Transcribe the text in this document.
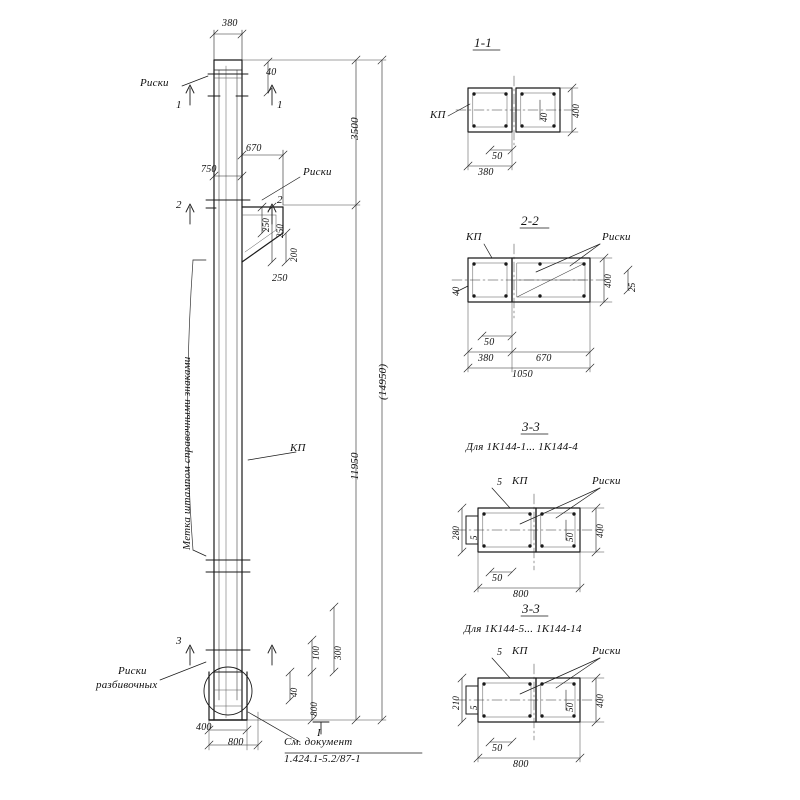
380
40
Риски
1	1
670
750	Риски
2	2
250 250
200
250
3500
11950
(14950)
Метка штампом справочными знаками	КП
300
100
40
800
400
800
3
I
Риски
разбивочных
См. документ
1.424.1-5.2/87-1
1-1
КП
50
380
400
40
2-2
КП	Риски
50
380	670
1050
400 25
40
3-3
Для 1К144-1... 1К144-4
5 КП	Риски
280 5
50
800
400
50
3-3
Для 1К144-5... 1К144-14
5 КП	Риски
210 5
50
800
400
50
